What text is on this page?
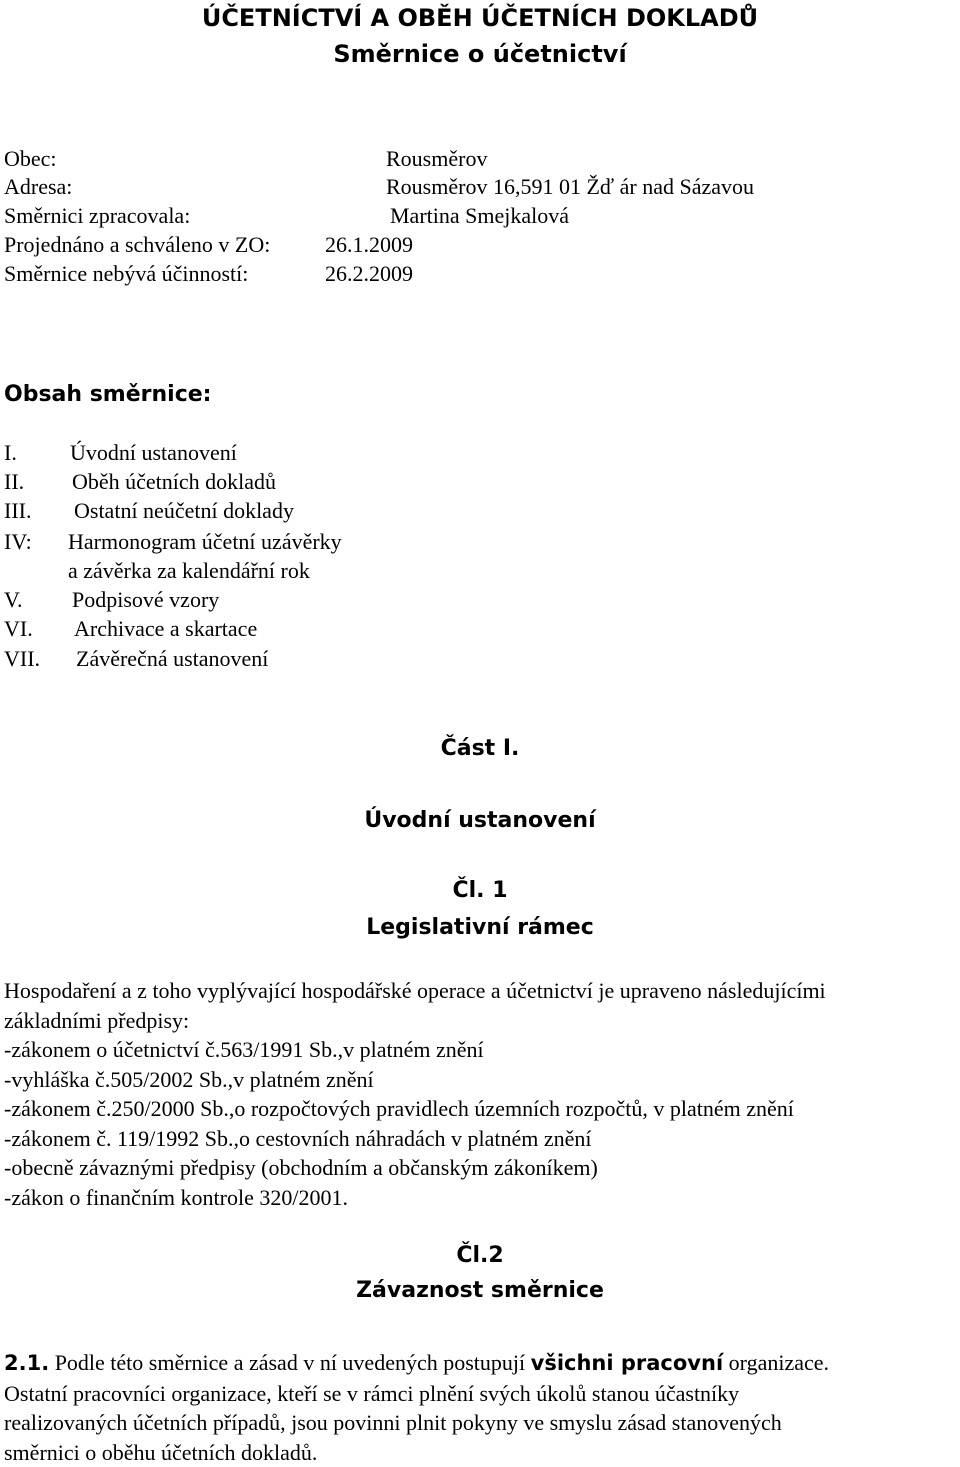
ÚČETNÍCTVÍ A OBĚH ÚČETNÍCH DOKLADŮ
Směrnice o účetnictví
Obec:	Rousměrov
Adresa:	Rousměrov 16,591 01 Žď ár nad Sázavou
Směrnici zpracovala:	Martina Smejkalová
Projednáno a schváleno v ZO: 26.1.2009
Směrnice nebývá účinností:	26.2.2009
Obsah směrnice:
I. Úvodní ustanovení
II. Oběh účetních dokladů
III. Ostatní neúčetní doklady
IV: Harmonogram účetní uzávěrky
a závěrka za kalendářní rok
V. Podpisové vzory
VI. Archivace a skartace
VII. Závěrečná ustanovení
Část I.
Úvodní ustanovení
Čl. 1
Legislativní rámec
Hospodaření a z toho vyplývající hospodářské operace a účetnictví je upraveno následujícími
základními předpisy:
-zákonem o účetnictví č.563/1991 Sb.,v platném znění
-vyhláška č.505/2002 Sb.,v platném znění
-zákonem č.250/2000 Sb.,o rozpočtových pravidlech územních rozpočtů, v platném znění
-zákonem č. 119/1992 Sb.,o cestovních náhradách v platném znění
-obecně závaznými předpisy (obchodním a občanským zákoníkem)
-zákon o finančním kontrole 320/2001.
Čl.2
Závaznost směrnice
2.1. Podle této směrnice a zásad v ní uvedených postupují všichni pracovní organizace.
Ostatní pracovníci organizace, kteří se v rámci plnění svých úkolů stanou účastníky
realizovaných účetních případů, jsou povinni plnit pokyny ve smyslu zásad stanovených
směrnici o oběhu účetních dokladů.
